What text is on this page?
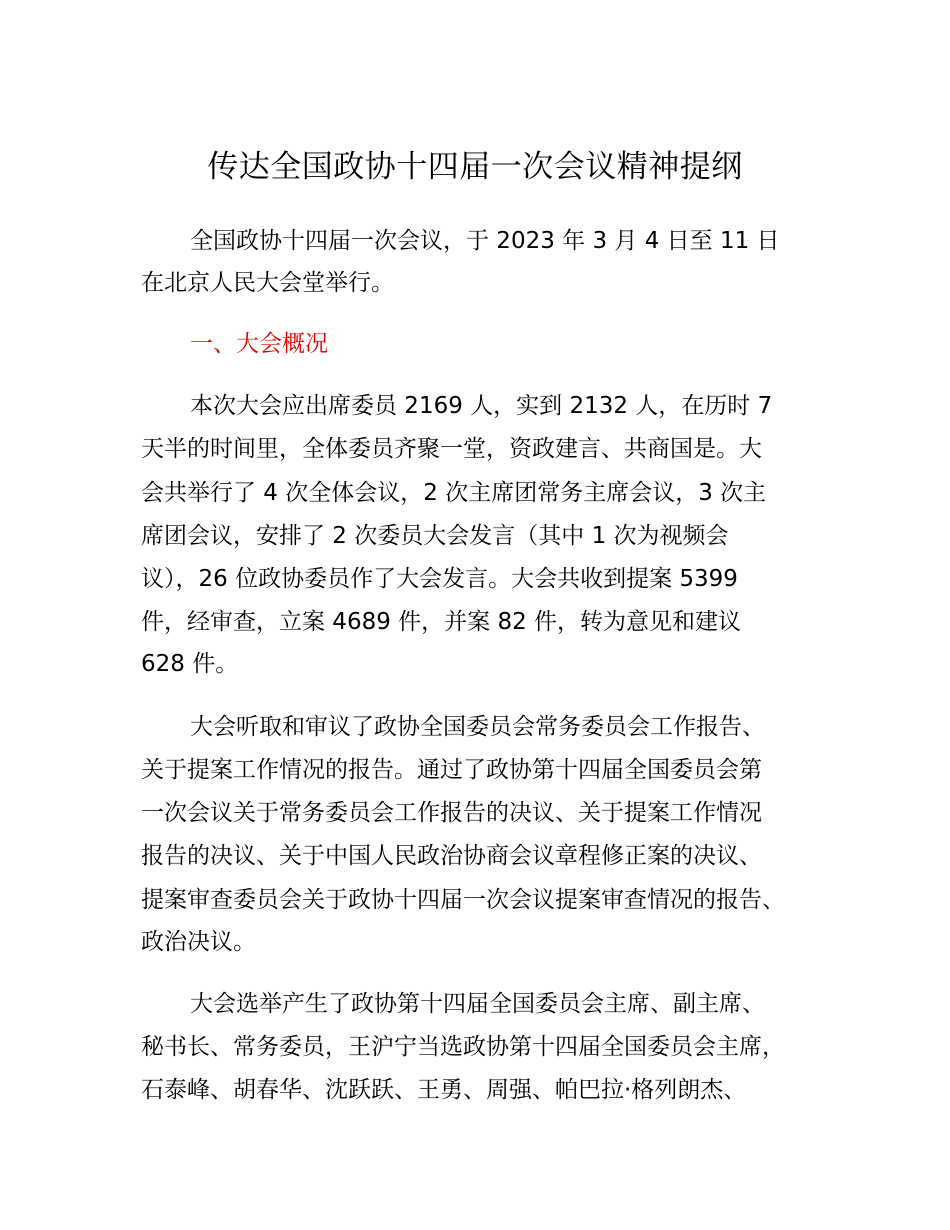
传达全国政协十四届一次会议精神提纲

全国政协十四届一次会议，于 2023 年 3 月 4 日至 11 日

在北京人民大会堂举行。

一、大会概况

本次大会应出席委员 2169 人，实到 2132 人，在历时 7

天半的时间里，全体委员齐聚一堂，资政建言、共商国是。大

会共举行了 4 次全体会议，2 次主席团常务主席会议，3 次主

席团会议，安排了 2 次委员大会发言（其中 1 次为视频会

议），26 位政协委员作了大会发言。大会共收到提案 5399

件，经审查，立案 4689 件，并案 82 件，转为意见和建议

628 件。

大会听取和审议了政协全国委员会常务委员会工作报告、

关于提案工作情况的报告。通过了政协第十四届全国委员会第

一次会议关于常务委员会工作报告的决议、关于提案工作情况

报告的决议、关于中国人民政治协商会议章程修正案的决议、

提案审查委员会关于政协十四届一次会议提案审查情况的报告、

政治决议。

大会选举产生了政协第十四届全国委员会主席、副主席、

秘书长、常务委员，王沪宁当选政协第十四届全国委员会主席，

石泰峰、胡春华、沈跃跃、王勇、周强、帕巴拉·格列朗杰、
